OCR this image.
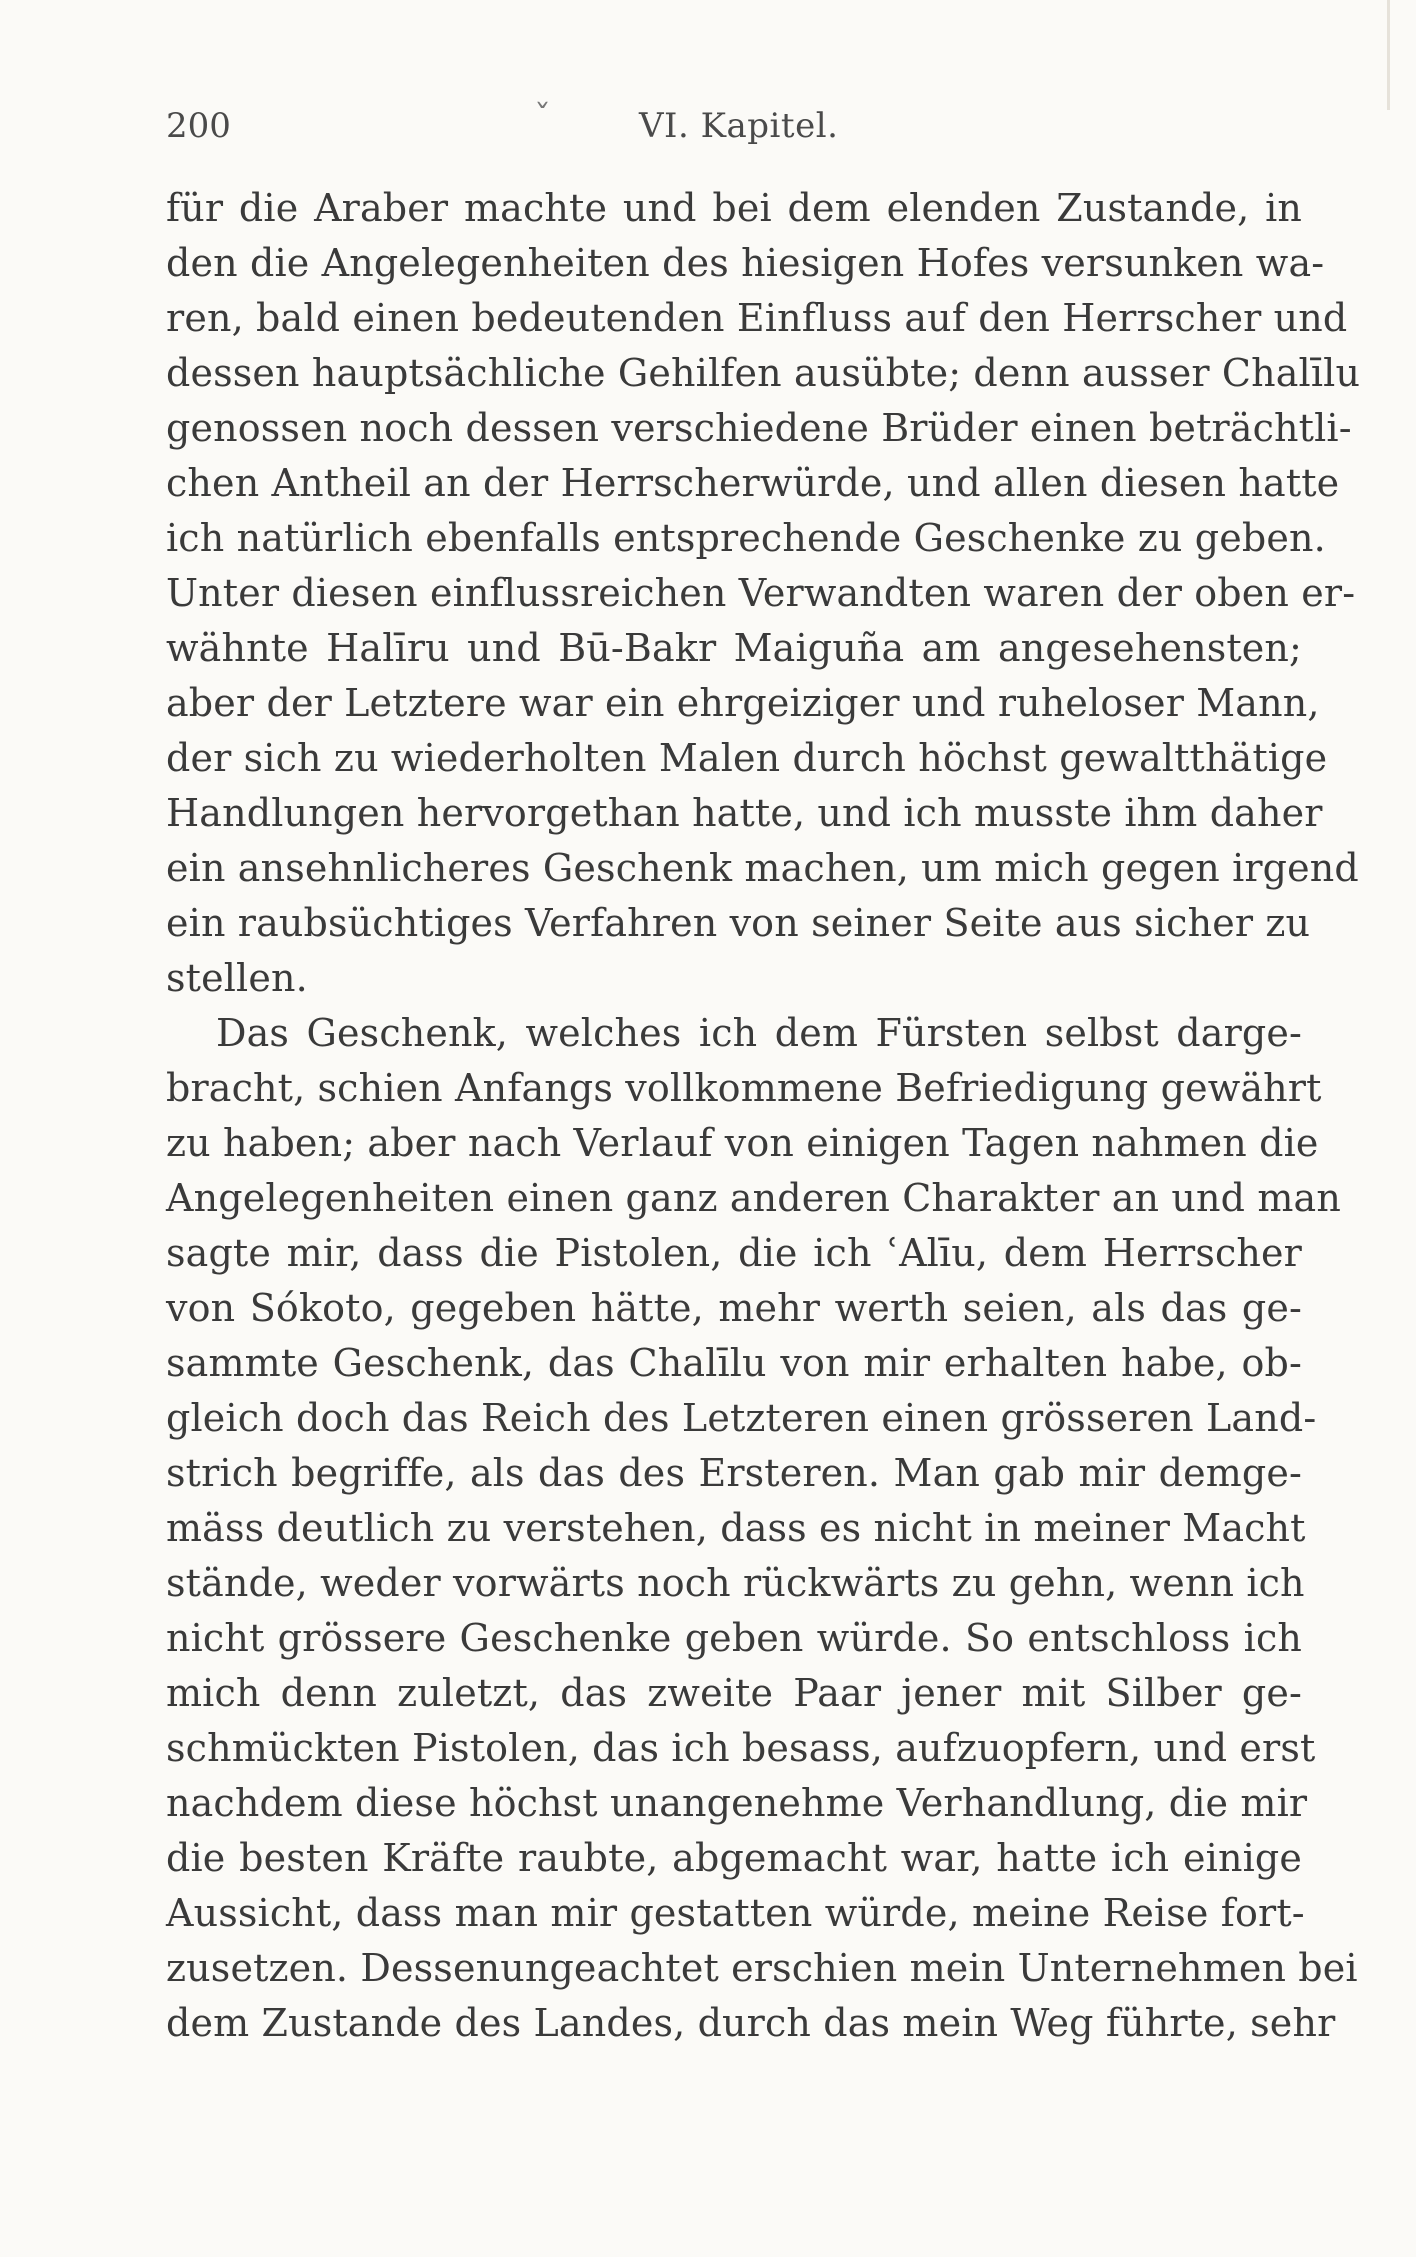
200	ˇ	VI. Kapitel.
für die Araber machte und bei dem elenden Zustande, in
den die Angelegenheiten des hiesigen Hofes versunken wa-
ren, bald einen bedeutenden Einfluss auf den Herrscher und
dessen hauptsächliche Gehilfen ausübte; denn ausser Chalīlu
genossen noch dessen verschiedene Brüder einen beträchtli-
chen Antheil an der Herrscherwürde, und allen diesen hatte
ich natürlich ebenfalls entsprechende Geschenke zu geben.
Unter diesen einflussreichen Verwandten waren der oben er-
wähnte Halīru und Bū-Bakr Maiguña am angesehensten;
aber der Letztere war ein ehrgeiziger und ruheloser Mann,
der sich zu wiederholten Malen durch höchst gewaltthätige
Handlungen hervorgethan hatte, und ich musste ihm daher
ein ansehnlicheres Geschenk machen, um mich gegen irgend
ein raubsüchtiges Verfahren von seiner Seite aus sicher zu
stellen.
Das Geschenk, welches ich dem Fürsten selbst darge-
bracht, schien Anfangs vollkommene Befriedigung gewährt
zu haben; aber nach Verlauf von einigen Tagen nahmen die
Angelegenheiten einen ganz anderen Charakter an und man
sagte mir, dass die Pistolen, die ich ʿAlīu, dem Herrscher
von Sókoto, gegeben hätte, mehr werth seien, als das ge-
sammte Geschenk, das Chalīlu von mir erhalten habe, ob-
gleich doch das Reich des Letzteren einen grösseren Land-
strich begriffe, als das des Ersteren. Man gab mir demge-
mäss deutlich zu verstehen, dass es nicht in meiner Macht
stände, weder vorwärts noch rückwärts zu gehn, wenn ich
nicht grössere Geschenke geben würde. So entschloss ich
mich denn zuletzt, das zweite Paar jener mit Silber ge-
schmückten Pistolen, das ich besass, aufzuopfern, und erst
nachdem diese höchst unangenehme Verhandlung, die mir
die besten Kräfte raubte, abgemacht war, hatte ich einige
Aussicht, dass man mir gestatten würde, meine Reise fort-
zusetzen. Dessenungeachtet erschien mein Unternehmen bei
dem Zustande des Landes, durch das mein Weg führte, sehr
